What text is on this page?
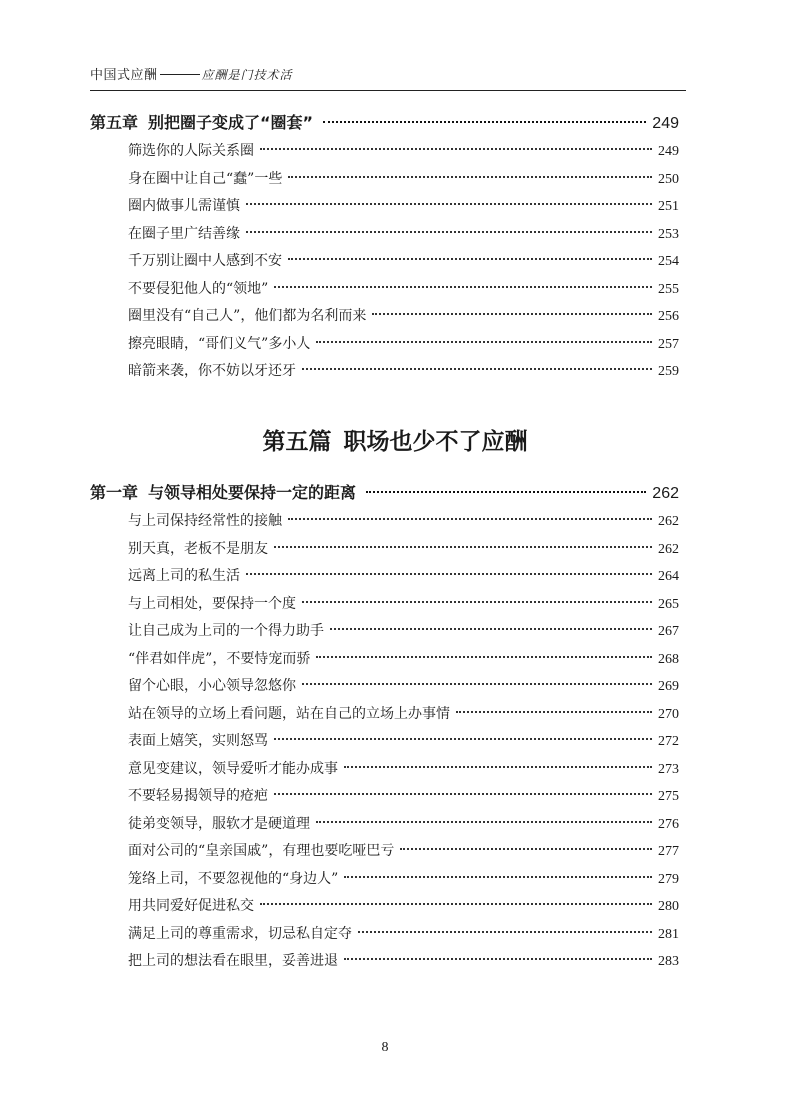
中国式应酬	应酬是门技术活
第五章 别把圈子变成了“圈套”	249
筛选你的人际关系圈	249
身在圈中让自己“蠢”一些	250
圈内做事儿需谨慎	251
在圈子里广结善缘	253
千万别让圈中人感到不安	254
不要侵犯他人的“领地”	255
圈里没有“自己人”，他们都为名利而来	256
擦亮眼睛，“哥们义气”多小人	257
暗箭来袭，你不妨以牙还牙	259
第五篇 职场也少不了应酬
第一章 与领导相处要保持一定的距离	262
与上司保持经常性的接触	262
别天真，老板不是朋友	262
远离上司的私生活	264
与上司相处，要保持一个度	265
让自己成为上司的一个得力助手	267
“伴君如伴虎”，不要恃宠而骄	268
留个心眼，小心领导忽悠你	269
站在领导的立场上看问题，站在自己的立场上办事情	270
表面上嬉笑，实则怒骂	272
意见变建议，领导爱听才能办成事	273
不要轻易揭领导的疮疤	275
徒弟变领导，服软才是硬道理	276
面对公司的“皇亲国戚”，有理也要吃哑巴亏	277
笼络上司，不要忽视他的“身边人”	279
用共同爱好促进私交	280
满足上司的尊重需求，切忌私自定夺	281
把上司的想法看在眼里，妥善进退	283
8
